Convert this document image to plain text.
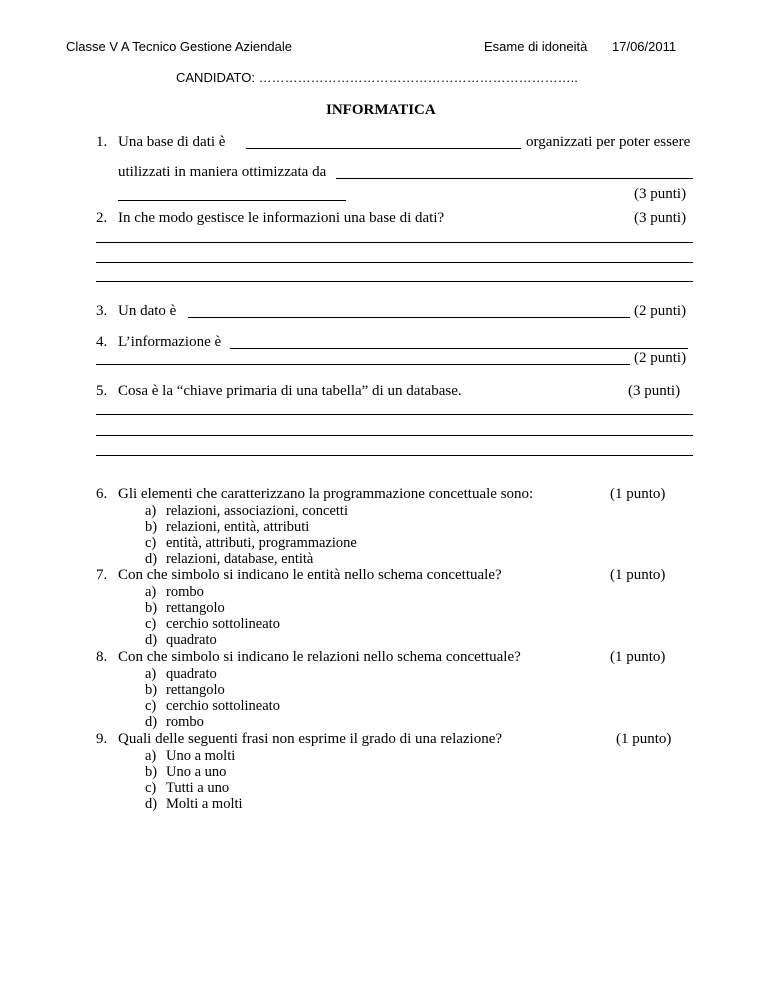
Classe V A Tecnico Gestione Aziendale	Esame di idoneità 17/06/2011
CANDIDATO: ………………………………………………………………..
INFORMATICA
1. Una base di dati è	organizzati per poter essere
utilizzati in maniera ottimizzata da
(3 punti)
2. In che modo gestisce le informazioni una base di dati?	(3 punti)
3. Un dato è	(2 punti)
4. L’informazione è
(2 punti)
5. Cosa è la “chiave primaria di una tabella” di un database.	(3 punti)
6. Gli elementi che caratterizzano la programmazione concettuale sono:	(1 punto)
a) relazioni, associazioni, concetti
b) relazioni, entità, attributi
c) entità, attributi, programmazione
d) relazioni, database, entità
7. Con che simbolo si indicano le entità nello schema concettuale?	(1 punto)
a) rombo
b) rettangolo
c) cerchio sottolineato
d) quadrato
8. Con che simbolo si indicano le relazioni nello schema concettuale?	(1 punto)
a) quadrato
b) rettangolo
c) cerchio sottolineato
d) rombo
9. Quali delle seguenti frasi non esprime il grado di una relazione?	(1 punto)
a) Uno a molti
b) Uno a uno
c) Tutti a uno
d) Molti a molti
